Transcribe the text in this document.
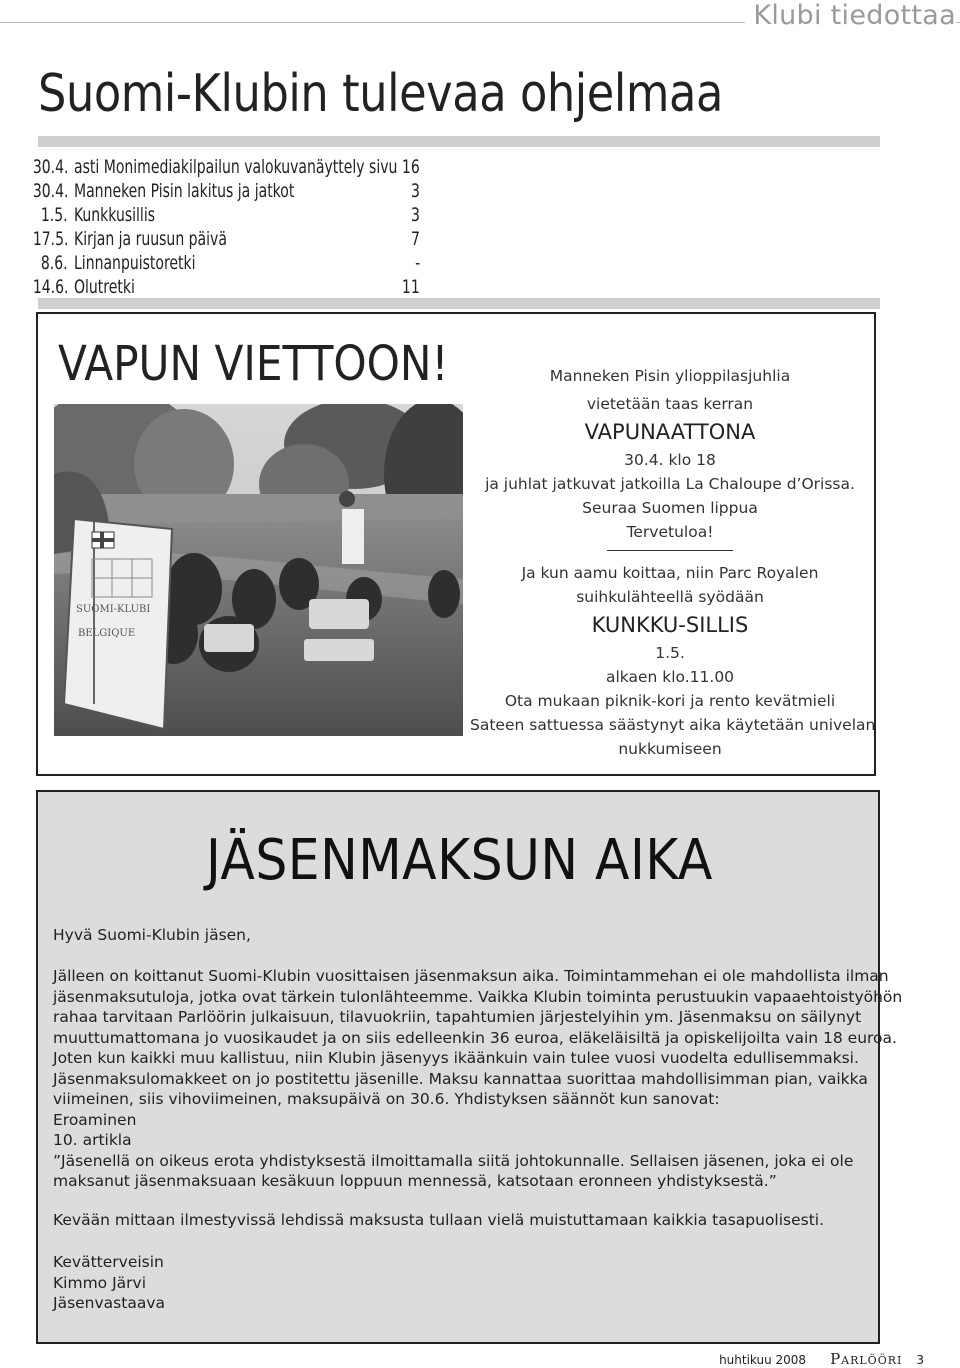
Klubi tiedottaa
Suomi-Klubin tulevaa ohjelmaa
30.4. asti Monimediakilpailun valokuvanäyttely sivu 16
30.4. Manneken Pisin lakitus ja jatkot	3
1.5. Kunkkusillis	3
17.5. Kirjan ja ruusun päivä	7
8.6. Linnanpuistoretki	-
14.6. Olutretki	11
VAPUN VIETTOON!
SUOMI-KLUBI
BELGIQUE
Manneken Pisin ylioppilasjuhlia
vietetään taas kerran
VAPUNAATTONA
30.4. klo 18
ja juhlat jatkuvat jatkoilla La Chaloupe d’Orissa.
Seuraa Suomen lippua
Tervetuloa!
Ja kun aamu koittaa, niin Parc Royalen
suihkulähteellä syödään
KUNKKU-SILLIS
1.5.
alkaen klo.11.00
Ota mukaan piknik-kori ja rento kevätmieli
Sateen sattuessa säästynyt aika käytetään univelan
nukkumiseen
JÄSENMAKSUN AIKA
Hyvä Suomi-Klubin jäsen,
Jälleen on koittanut Suomi-Klubin vuosittaisen jäsenmaksun aika. Toimintammehan ei ole mahdollista ilman
jäsenmaksutuloja, jotka ovat tärkein tulonlähteemme. Vaikka Klubin toiminta perustuukin vapaaehtoistyöhön
rahaa tarvitaan Parlöörin julkaisuun, tilavuokriin, tapahtumien järjestelyihin ym. Jäsenmaksu on säilynyt
muuttumattomana jo vuosikaudet ja on siis edelleenkin 36 euroa, eläkeläisiltä ja opiskelijoilta vain 18 euroa.
Joten kun kaikki muu kallistuu, niin Klubin jäsenyys ikäänkuin vain tulee vuosi vuodelta edullisemmaksi.
Jäsenmaksulomakkeet on jo postitettu jäsenille. Maksu kannattaa suorittaa mahdollisimman pian, vaikka
viimeinen, siis vihoviimeinen, maksupäivä on 30.6. Yhdistyksen säännöt kun sanovat:
Eroaminen
10. artikla
”Jäsenellä on oikeus erota yhdistyksestä ilmoittamalla siitä johtokunnalle. Sellaisen jäsenen, joka ei ole
maksanut jäsenmaksuaan kesäkuun loppuun mennessä, katsotaan eronneen yhdistyksestä.”
Kevään mittaan ilmestyvissä lehdissä maksusta tullaan vielä muistuttamaan kaikkia tasapuolisesti.
Kevätterveisin
Kimmo Järvi
Jäsenvastaava
huhtikuu 2008 Parlööri 3
